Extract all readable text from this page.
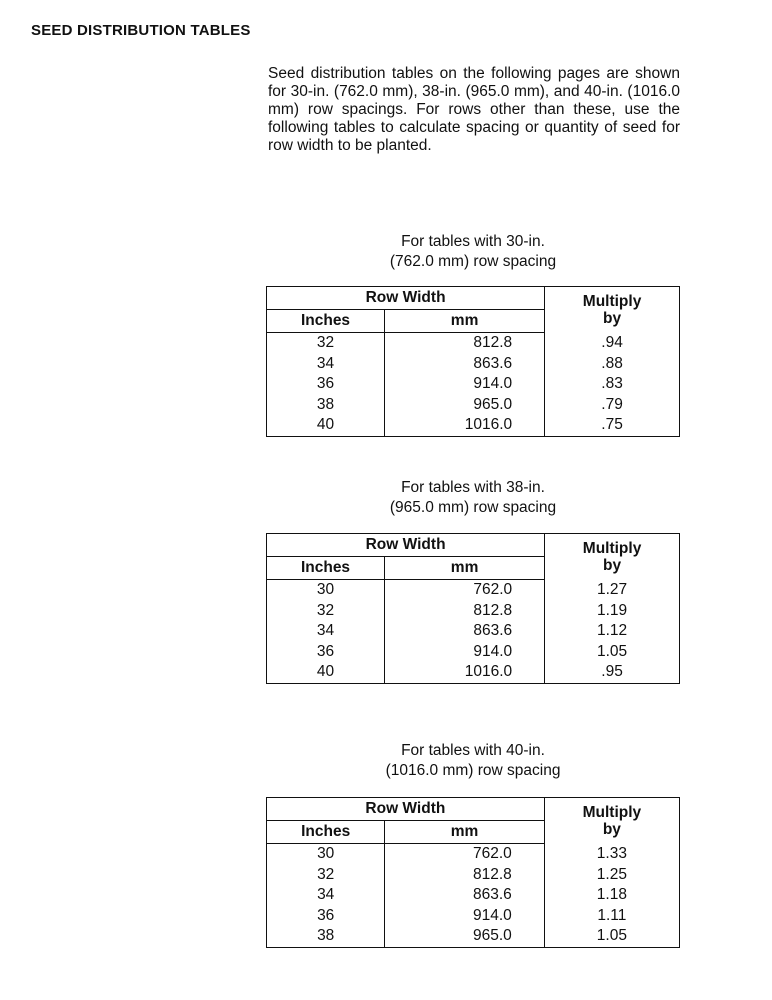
SEED DISTRIBUTION TABLES
Seed distribution tables on the following pages are shown for 30-in. (762.0 mm), 38-in. (965.0 mm), and 40-in. (1016.0 mm) row spacings. For rows other than these, use the following tables to calculate spacing or quantity of seed for row width to be planted.
For tables with 30-in.
(762.0 mm) row spacing
Row Width		Multiply
by
Inches	mm	
32	812.8	.94
34	863.6	.88
36	914.0	.83
38	965.0	.79
40	1016.0	.75
For tables with 38-in.
(965.0 mm) row spacing
Row Width		Multiply
by
Inches	mm	
30	762.0	1.27
32	812.8	1.19
34	863.6	1.12
36	914.0	1.05
40	1016.0	.95
For tables with 40-in.
(1016.0 mm) row spacing
Row Width		Multiply
by
Inches	mm	
30	762.0	1.33
32	812.8	1.25
34	863.6	1.18
36	914.0	1.11
38	965.0	1.05
